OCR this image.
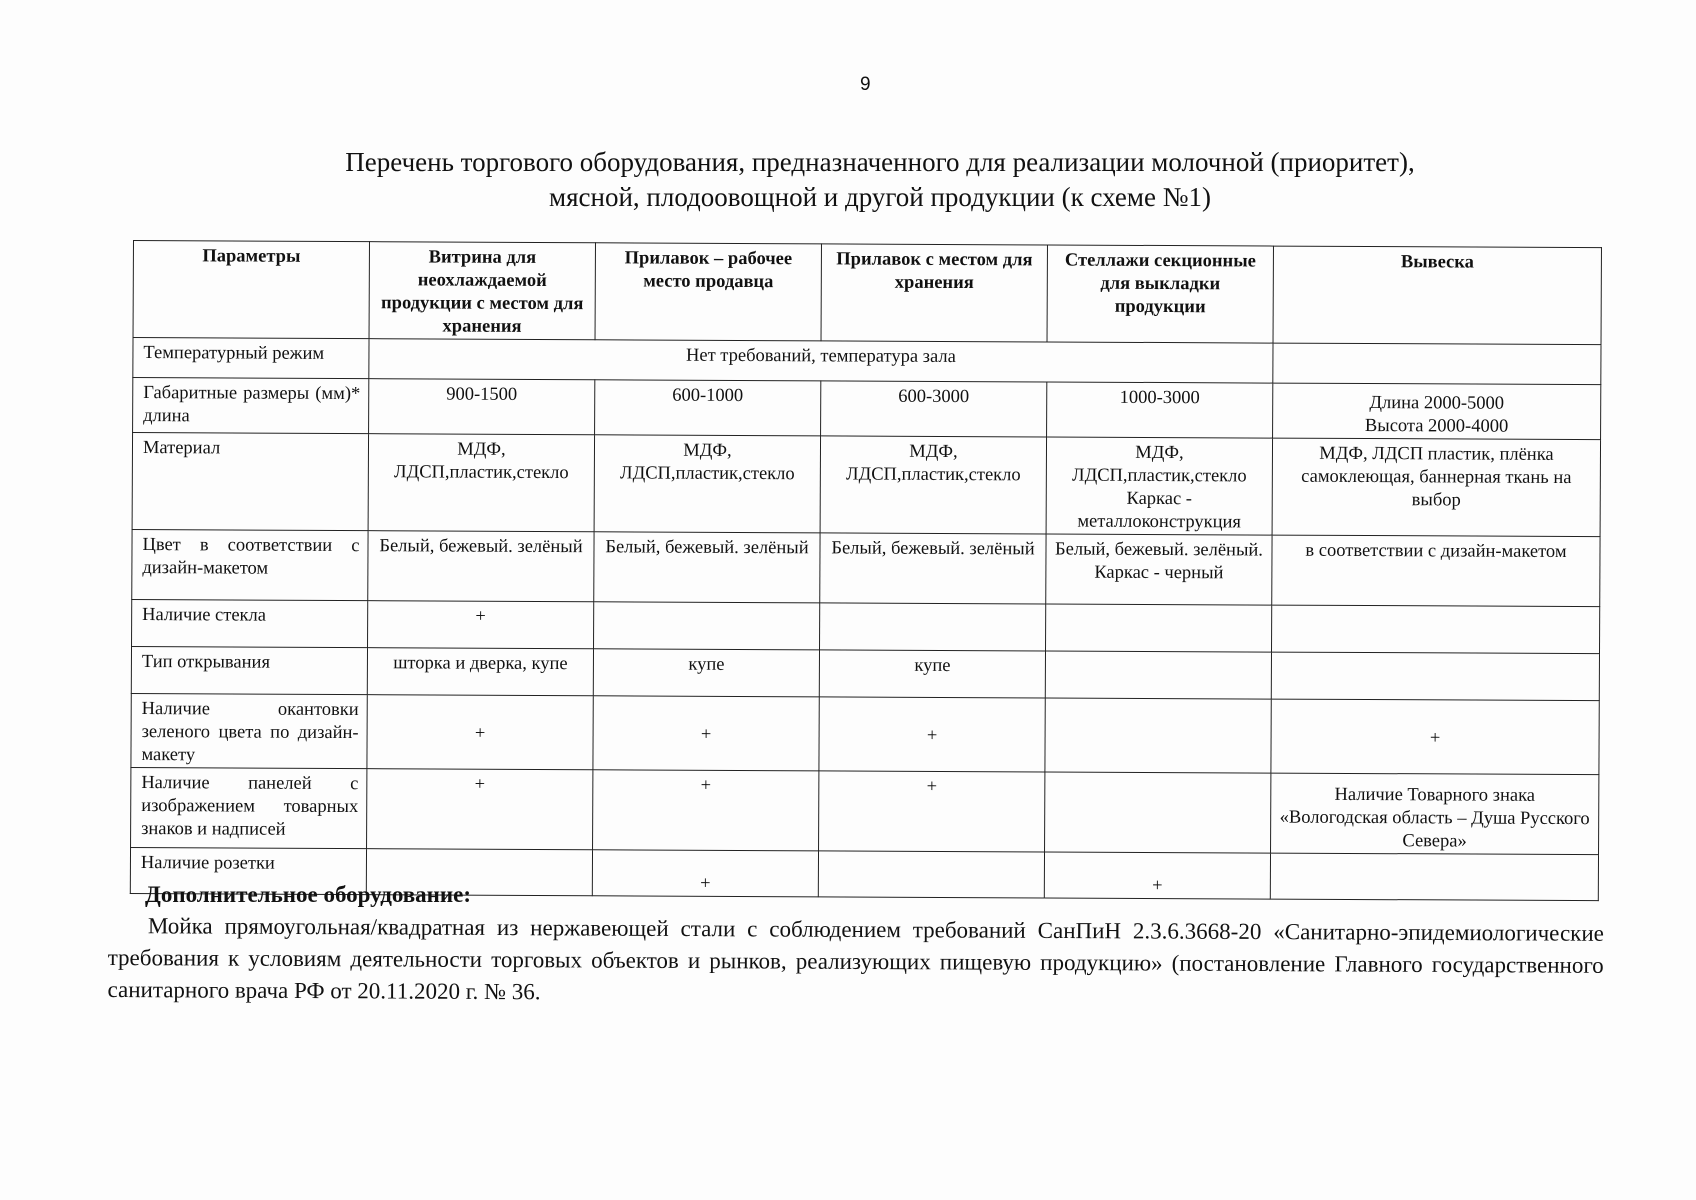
9
Перечень торгового оборудования, предназначенного для реализации молочной (приоритет),
мясной, плодоовощной и другой продукции (к схеме №1)
Параметры	Витрина для неохлаждаемой продукции с местом для хранения	Прилавок – рабочее место продавца	Прилавок с местом для хранения	Стеллажи секционные для выкладки продукции	Вывеска
Температурный режим	Нет требований, температура зала				
Габаритные размеры (мм)* длина	900-1500	600-1000	600-3000	1000-3000	Длина 2000-5000
Высота 2000-4000

Материал	МДФ, ЛДСП,пластик,стекло	МДФ, ЛДСП,пластик,стекло	МДФ, ЛДСП,пластик,стекло	МДФ, ЛДСП,пластик,стекло Каркас - металлоконструкция	МДФ, ЛДСП пластик, плёнка самоклеющая, баннерная ткань на выбор
Цвет в соответствии с дизайн-макетом	Белый, бежевый. зелёный	Белый, бежевый. зелёный	Белый, бежевый. зелёный	Белый, бежевый. зелёный. Каркас - черный	в соответствии с дизайн-макетом
Наличие стекла	+				
Тип открывания	шторка и дверка, купе	купе	купе		
Наличие окантовки зеленого цвета по дизайн-макету	+	+	+		+
Наличие панелей с изображением товарных знаков и надписей	+	+	+		Наличие Товарного знака «Вологодская область – Душа Русского Севера»
Наличие розетки		+		+	
Дополнительное оборудование:
Мойка прямоугольная/квадратная из нержавеющей стали с соблюдением требований СанПиН 2.3.6.3668-20 «Санитарно-эпидемиологические требования к условиям деятельности торговых объектов и рынков, реализующих пищевую продукцию» (постановление Главного государственного санитарного врача РФ от 20.11.2020 г. № 36.
